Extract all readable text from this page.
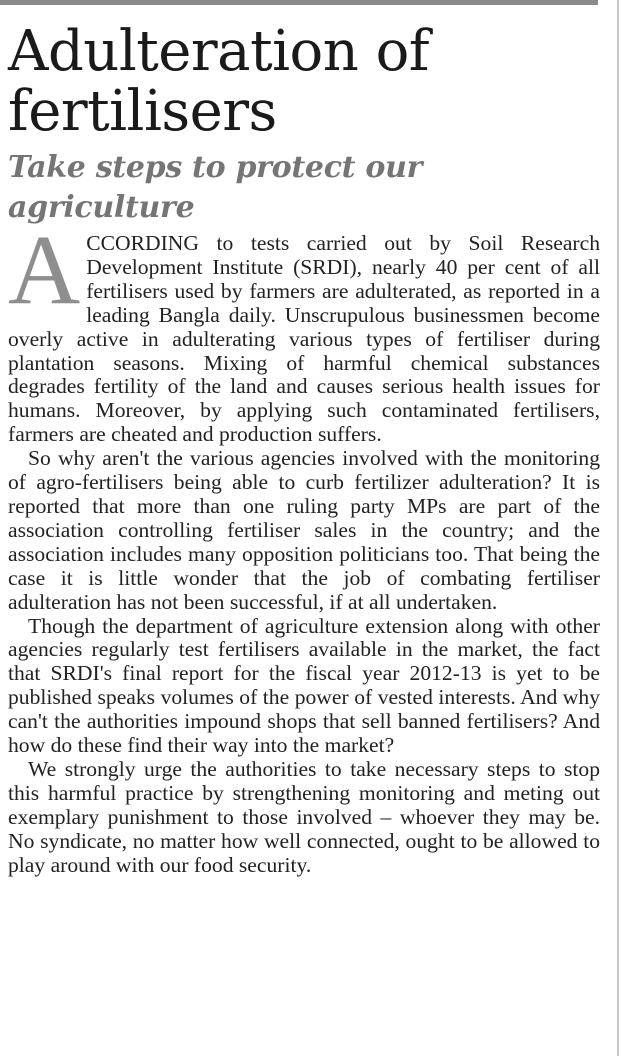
Adulteration of fertilisers
Take steps to protect our agriculture

ACCORDING to tests carried out by Soil Research Development Institute (SRDI), nearly 40 per cent of all fertilisers used by farmers are adulterated, as reported in a leading Bangla daily. Unscrupulous businessmen become overly active in adulterating various types of fertiliser during plantation seasons. Mixing of harmful chemical substances degrades fertility of the land and causes serious health issues for humans. Moreover, by applying such contaminated fertilisers, farmers are cheated and production suffers.

So why aren't the various agencies involved with the monitoring of agro-fertilisers being able to curb fertilizer adulteration? It is reported that more than one ruling party MPs are part of the association controlling fertiliser sales in the country; and the association includes many opposition politicians too. That being the case it is little wonder that the job of combating fertiliser adulteration has not been successful, if at all undertaken.

Though the department of agriculture extension along with other agencies regularly test fertilisers available in the market, the fact that SRDI's final report for the fiscal year 2012-13 is yet to be published speaks volumes of the power of vested interests. And why can't the authorities impound shops that sell banned fertilisers? And how do these find their way into the market?

We strongly urge the authorities to take necessary steps to stop this harmful practice by strengthening monitoring and meting out exemplary punishment to those involved – whoever they may be. No syndicate, no matter how well connected, ought to be allowed to play around with our food security.
